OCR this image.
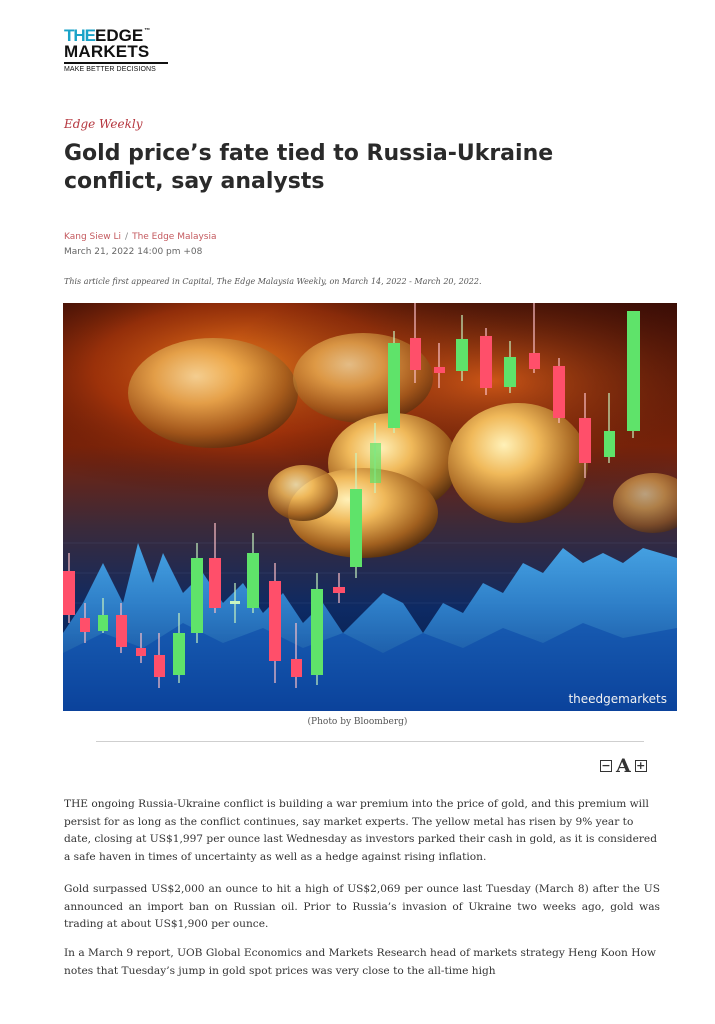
THE EDGE ™
MARKETS
MAKE BETTER DECISIONS
Edge Weekly
Gold price’s fate tied to Russia-Ukraine conflict, say analysts
Kang Siew Li / The Edge Malaysia
March 21, 2022 14:00 pm +08
This article first appeared in Capital, The Edge Malaysia Weekly, on March 14, 2022 - March 20, 2022.
theedgemarkets
(Photo by Bloomberg)
− A +

THE ongoing Russia-Ukraine conflict is building a war premium into the price of gold, and this premium will persist for as long as the conflict continues, say market experts. The yellow metal has risen by 9% year to date, closing at US$1,997 per ounce last Wednesday as investors parked their cash in gold, as it is considered a safe haven in times of uncertainty as well as a hedge against rising inflation.

Gold surpassed US$2,000 an ounce to hit a high of US$2,069 per ounce last Tuesday (March 8) after the US announced an import ban on Russian oil. Prior to Russia’s invasion of Ukraine two weeks ago, gold was trading at about US$1,900 per ounce.

In a March 9 report, UOB Global Economics and Markets Research head of markets strategy Heng Koon How notes that Tuesday’s jump in gold spot prices was very close to the all-time high
